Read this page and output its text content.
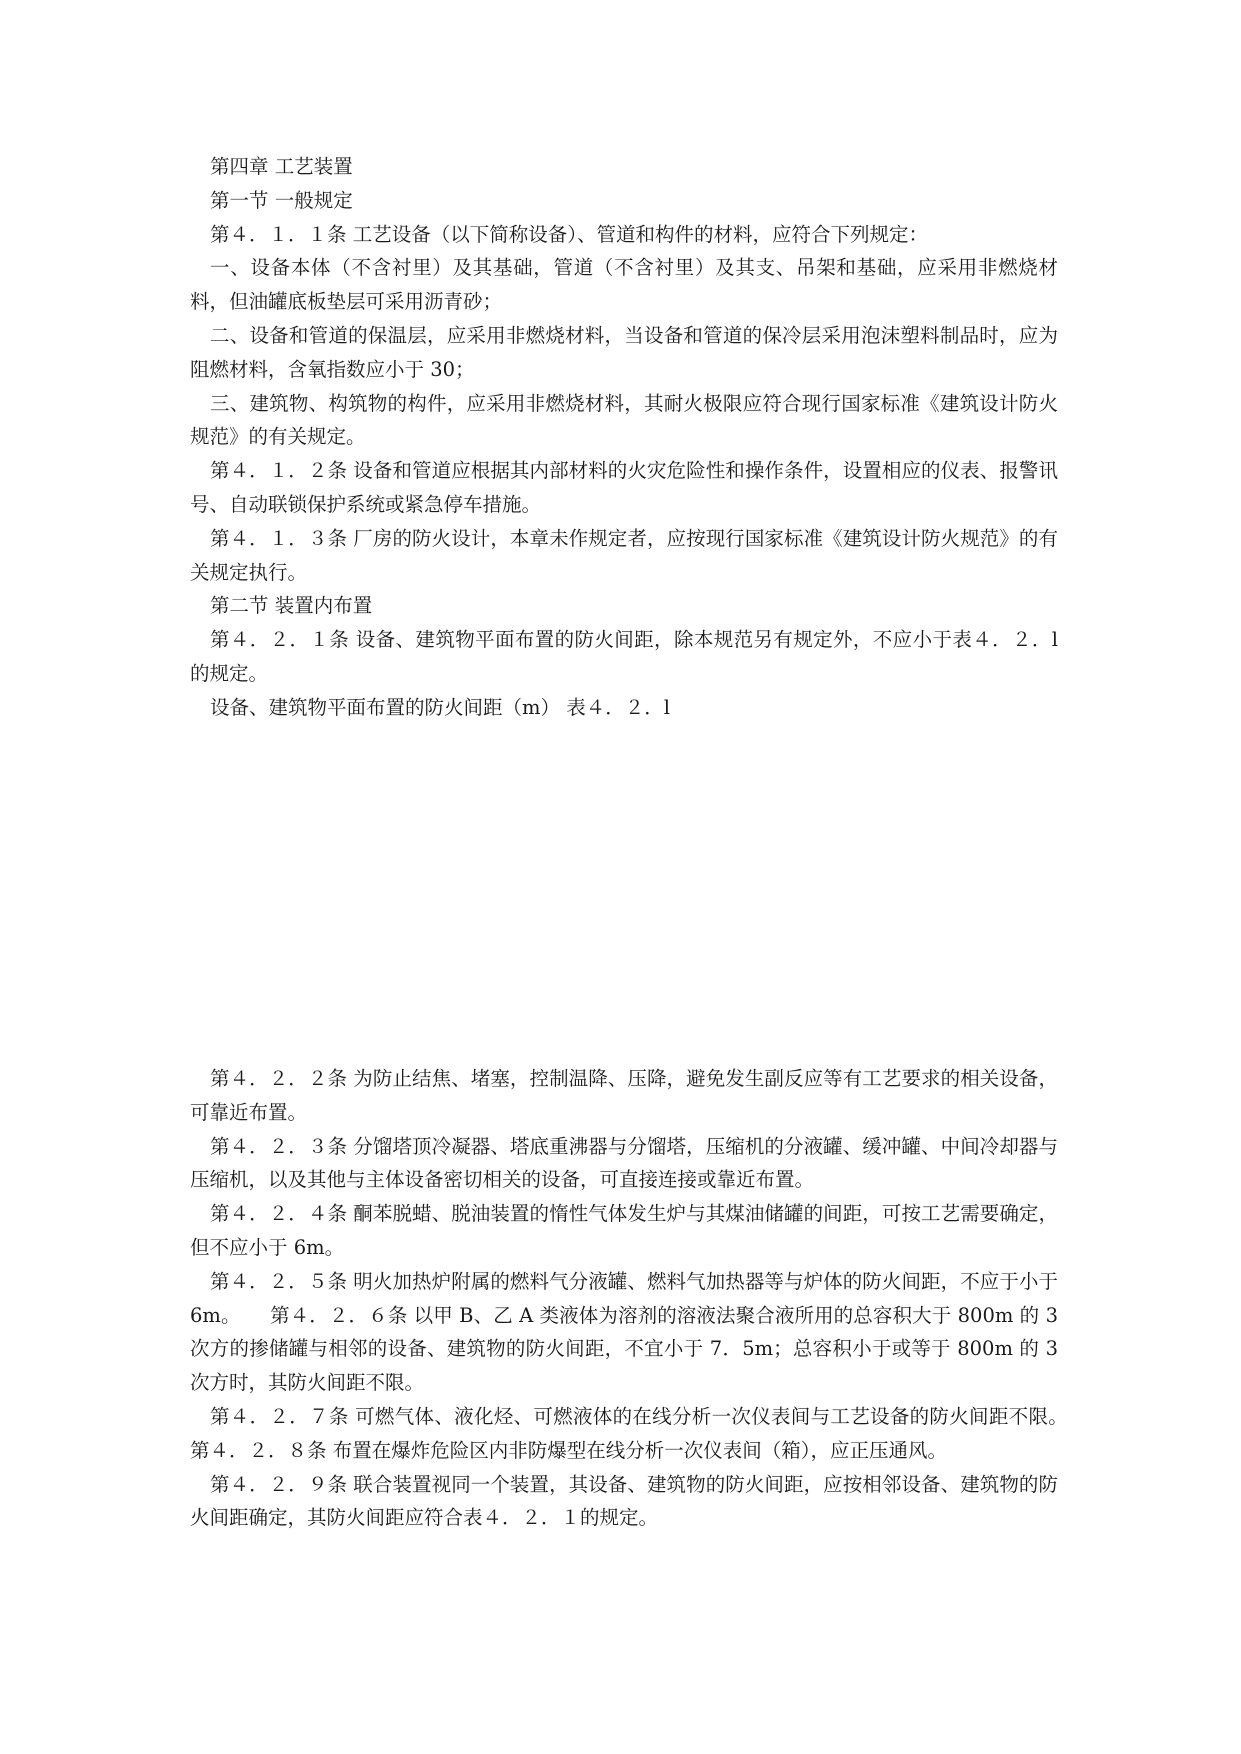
第四章 工艺装置

第一节 一般规定

第４．１．１条 工艺设备（以下简称设备）、管道和构件的材料，应符合下列规定：

一、设备本体（不含衬里）及其基础，管道（不含衬里）及其支、吊架和基础，应采用非燃烧材料，但油罐底板垫层可采用沥青砂；

二、设备和管道的保温层，应采用非燃烧材料，当设备和管道的保冷层采用泡沫塑料制品时，应为阻燃材料，含氧指数应小于 30；

三、建筑物、构筑物的构件，应采用非燃烧材料，其耐火极限应符合现行国家标准《建筑设计防火规范》的有关规定。

第４．１．２条 设备和管道应根据其内部材料的火灾危险性和操作条件，设置相应的仪表、报警讯号、自动联锁保护系统或紧急停车措施。

第４．１．３条 厂房的防火设计，本章未作规定者，应按现行国家标准《建筑设计防火规范》的有关规定执行。

第二节 装置内布置

第４．２．１条 设备、建筑物平面布置的防火间距，除本规范另有规定外，不应小于表４．２．l的规定。

设备、建筑物平面布置的防火间距（m） 表４．２．l

第４．２．２条 为防止结焦、堵塞，控制温降、压降，避免发生副反应等有工艺要求的相关设备，可靠近布置。

第４．２．３条 分馏塔顶冷凝器、塔底重沸器与分馏塔，压缩机的分液罐、缓冲罐、中间冷却器与压缩机，以及其他与主体设备密切相关的设备，可直接连接或靠近布置。

第４．２．４条 酮苯脱蜡、脱油装置的惰性气体发生炉与其煤油储罐的间距，可按工艺需要确定，但不应小于 6m。

第４．２．５条 明火加热炉附属的燃料气分液罐、燃料气加热器等与炉体的防火间距，不应于小于 6m。　　第４．２．６条 以甲 B、乙 A 类液体为溶剂的溶液法聚合液所用的总容积大于 800m 的 3 次方的掺储罐与相邻的设备、建筑物的防火间距，不宜小于 7．5m；总容积小于或等于 800m 的 3 次方时，其防火间距不限。

第４．２．７条 可燃气体、液化烃、可燃液体的在线分析一次仪表间与工艺设备的防火间距不限。　　第４．２．８条 布置在爆炸危险区内非防爆型在线分析一次仪表间（箱），应正压通风。

第４．２．９条 联合装置视同一个装置，其设备、建筑物的防火间距，应按相邻设备、建筑物的防火间距确定，其防火间距应符合表４．２．１的规定。
